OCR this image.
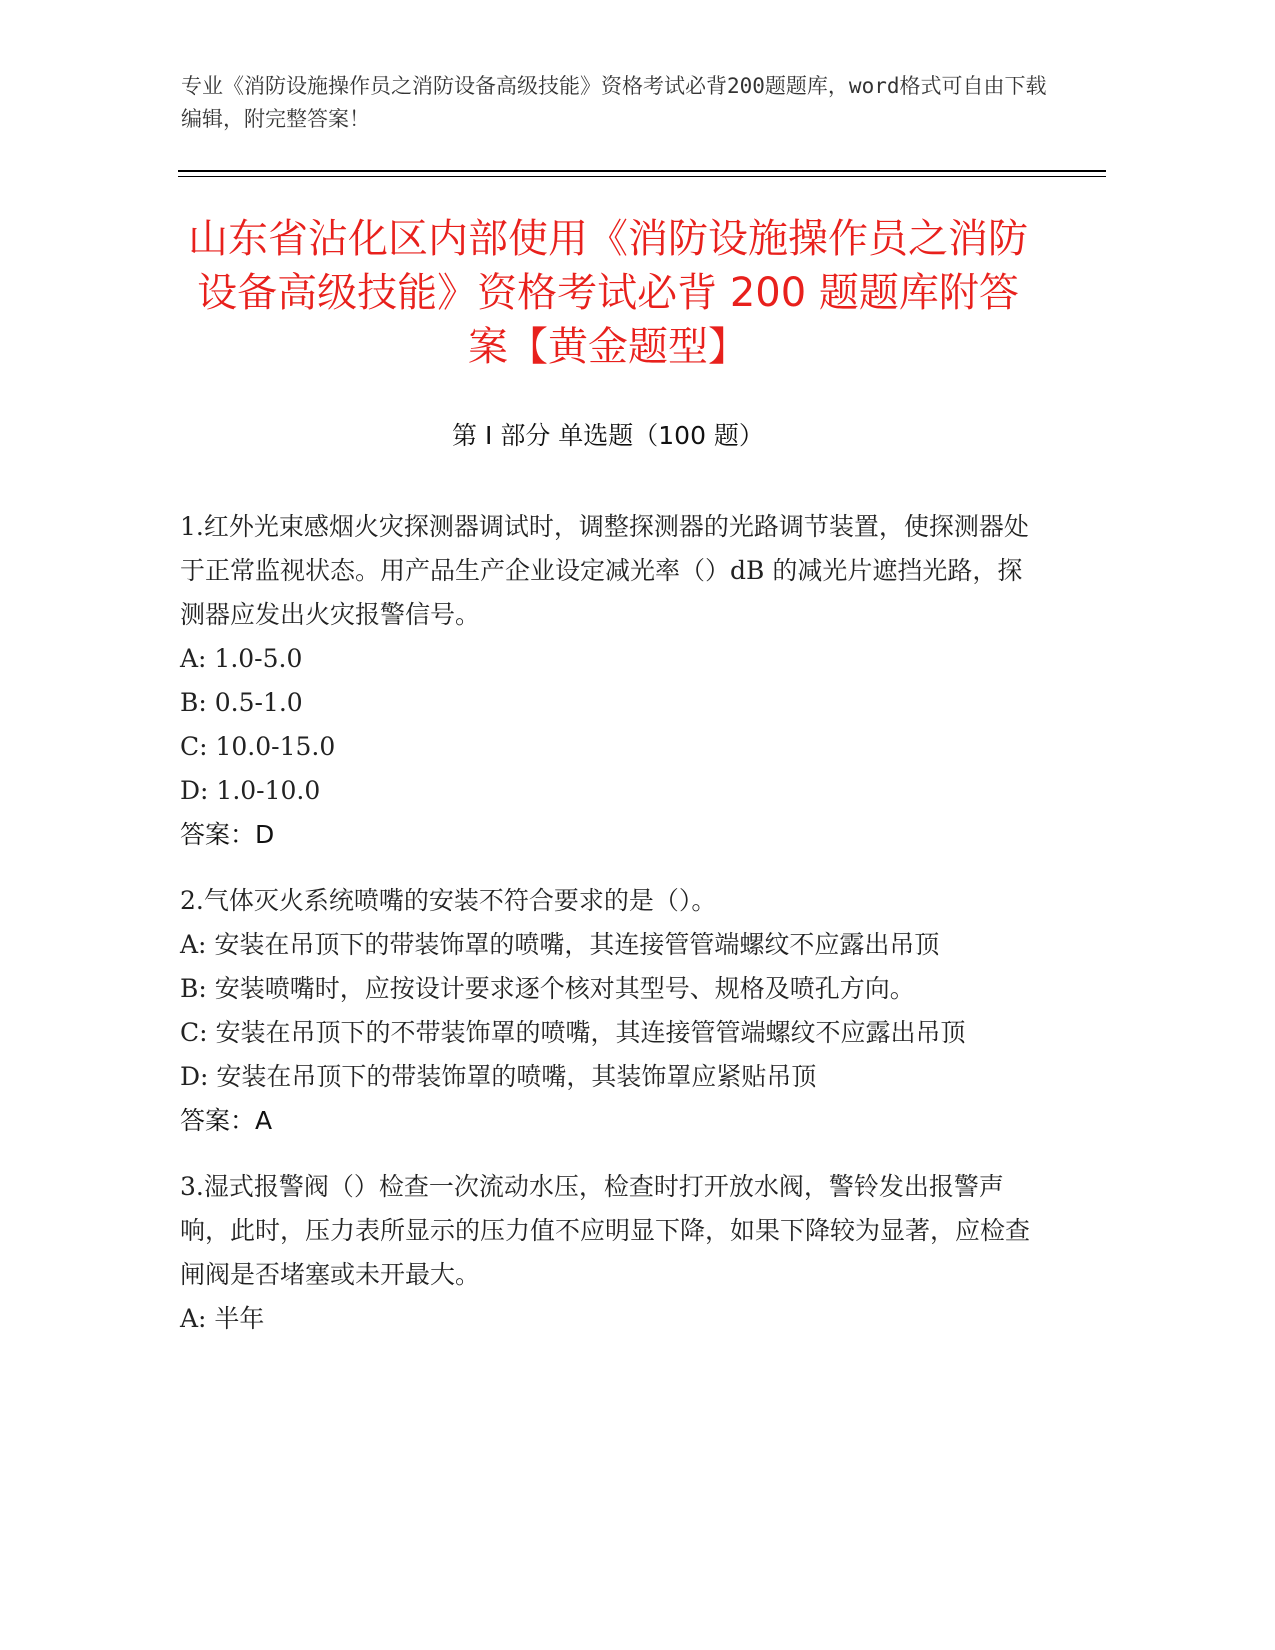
专业《消防设施操作员之消防设备高级技能》资格考试必背200题题库，word格式可自由下载编辑，附完整答案！
山东省沾化区内部使用《消防设施操作员之消防设备高级技能》资格考试必背 200 题题库附答案【黄金题型】
第 I 部分 单选题（100 题）
1.红外光束感烟火灾探测器调试时，调整探测器的光路调节装置，使探测器处于正常监视状态。用产品生产企业设定减光率（）dB 的减光片遮挡光路，探测器应发出火灾报警信号。
A: 1.0-5.0
B: 0.5-1.0
C: 10.0-15.0
D: 1.0-10.0
答案：D
2.气体灭火系统喷嘴的安装不符合要求的是（）。
A: 安装在吊顶下的带装饰罩的喷嘴，其连接管管端螺纹不应露出吊顶
B: 安装喷嘴时，应按设计要求逐个核对其型号、规格及喷孔方向。
C: 安装在吊顶下的不带装饰罩的喷嘴，其连接管管端螺纹不应露出吊顶
D: 安装在吊顶下的带装饰罩的喷嘴，其装饰罩应紧贴吊顶
答案：A
3.湿式报警阀（）检查一次流动水压，检查时打开放水阀，警铃发出报警声响，此时，压力表所显示的压力值不应明显下降，如果下降较为显著，应检查闸阀是否堵塞或未开最大。
A: 半年
